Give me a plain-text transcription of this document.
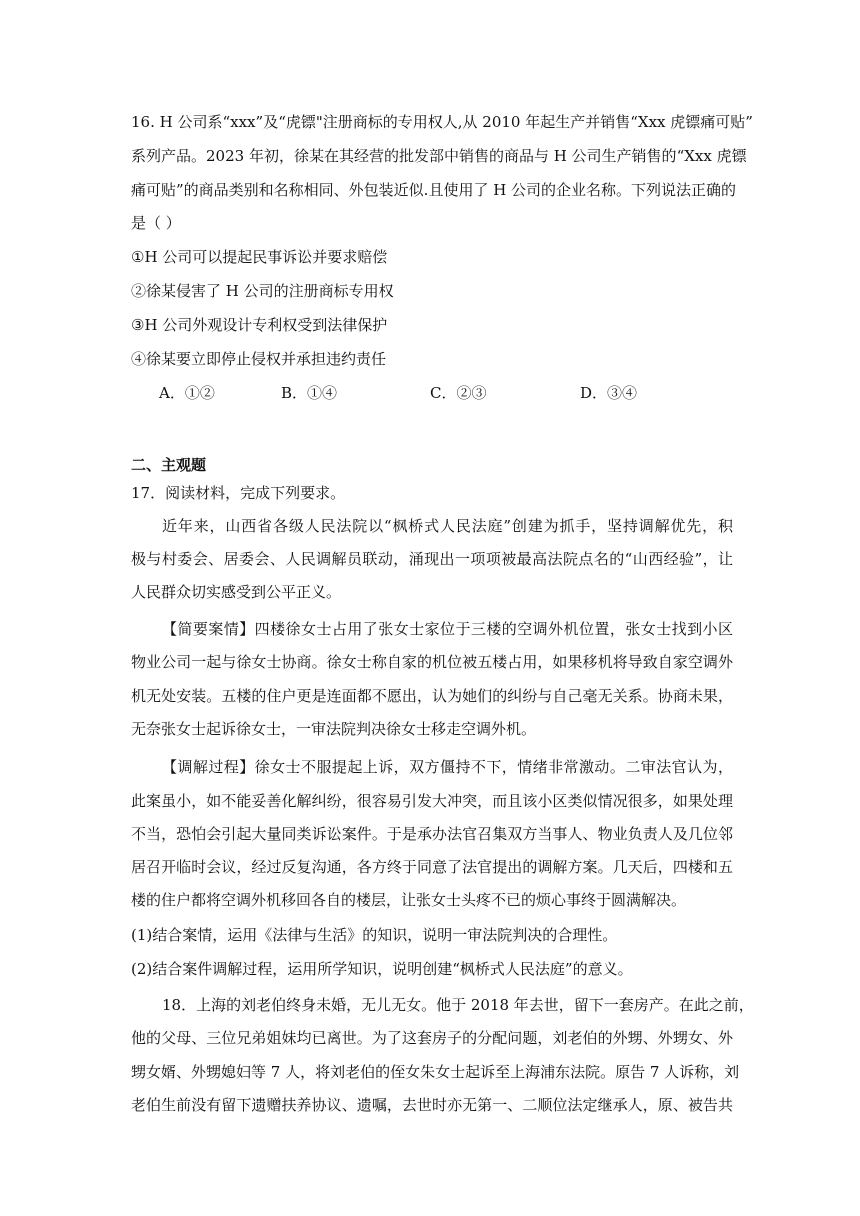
16. H 公司系“xxx”及“虎镖"注册商标的专用权人,从 2010 年起生产并销售“Xxx 虎镖痛可贴”
系列产品。2023 年初，徐某在其经营的批发部中销售的商品与 H 公司生产销售的“Xxx 虎镖
痛可贴”的商品类别和名称相同、外包装近似.且使用了 H 公司的企业名称。下列说法正确的
是（ ）
①H 公司可以提起民事诉讼并要求赔偿
②徐某侵害了 H 公司的注册商标专用权
③H 公司外观设计专利权受到法律保护
④徐某要立即停止侵权并承担违约责任
A．①②	B．①④	C．②③	D．③④
二、主观题
17．阅读材料，完成下列要求。
近年来，山西省各级人民法院以“枫桥式人民法庭”创建为抓手，坚持调解优先，积
极与村委会、居委会、人民调解员联动，涌现出一项项被最高法院点名的“山西经验”，让
人民群众切实感受到公平正义。
【简要案情】四楼徐女士占用了张女士家位于三楼的空调外机位置，张女士找到小区
物业公司一起与徐女士协商。徐女士称自家的机位被五楼占用，如果移机将导致自家空调外
机无处安装。五楼的住户更是连面都不愿出，认为她们的纠纷与自己毫无关系。协商未果，
无奈张女士起诉徐女士，一审法院判决徐女士移走空调外机。
【调解过程】徐女士不服提起上诉，双方僵持不下，情绪非常激动。二审法官认为，
此案虽小，如不能妥善化解纠纷，很容易引发大冲突，而且该小区类似情况很多，如果处理
不当，恐怕会引起大量同类诉讼案件。于是承办法官召集双方当事人、物业负责人及几位邻
居召开临时会议，经过反复沟通，各方终于同意了法官提出的调解方案。几天后，四楼和五
楼的住户都将空调外机移回各自的楼层，让张女士头疼不已的烦心事终于圆满解决。
(1)结合案情，运用《法律与生活》的知识，说明一审法院判决的合理性。
(2)结合案件调解过程，运用所学知识，说明创建“枫桥式人民法庭”的意义。
18．上海的刘老伯终身未婚，无儿无女。他于 2018 年去世，留下一套房产。在此之前，
他的父母、三位兄弟姐妹均已离世。为了这套房子的分配问题，刘老伯的外甥、外甥女、外
甥女婿、外甥媳妇等 7 人，将刘老伯的侄女朱女士起诉至上海浦东法院。原告 7 人诉称，刘
老伯生前没有留下遗赠扶养协议、遗嘱，去世时亦无第一、二顺位法定继承人，原、被告共
